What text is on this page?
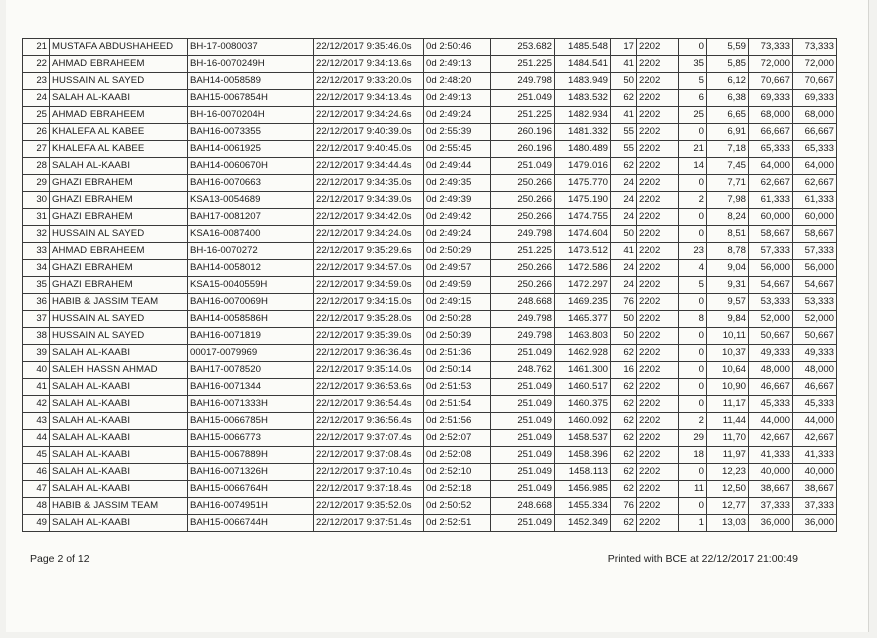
21	MUSTAFA ABDUSHAHEED	BH-17-0080037	22/12/2017 9:35:46.0s	0d 2:50:46	253.682	1485.548	17	2202	0	5,59	73,333	73,333
22	AHMAD EBRAHEEM	BH-16-0070249H	22/12/2017 9:34:13.6s	0d 2:49:13	251.225	1484.541	41	2202	35	5,85	72,000	72,000
23	HUSSAIN AL SAYED	BAH14-0058589	22/12/2017 9:33:20.0s	0d 2:48:20	249.798	1483.949	50	2202	5	6,12	70,667	70,667
24	SALAH AL-KAABI	BAH15-0067854H	22/12/2017 9:34:13.4s	0d 2:49:13	251.049	1483.532	62	2202	6	6,38	69,333	69,333
25	AHMAD EBRAHEEM	BH-16-0070204H	22/12/2017 9:34:24.6s	0d 2:49:24	251.225	1482.934	41	2202	25	6,65	68,000	68,000
26	KHALEFA AL KABEE	BAH16-0073355	22/12/2017 9:40:39.0s	0d 2:55:39	260.196	1481.332	55	2202	0	6,91	66,667	66,667
27	KHALEFA AL KABEE	BAH14-0061925	22/12/2017 9:40:45.0s	0d 2:55:45	260.196	1480.489	55	2202	21	7,18	65,333	65,333
28	SALAH AL-KAABI	BAH14-0060670H	22/12/2017 9:34:44.4s	0d 2:49:44	251.049	1479.016	62	2202	14	7,45	64,000	64,000
29	GHAZI EBRAHEM	BAH16-0070663	22/12/2017 9:34:35.0s	0d 2:49:35	250.266	1475.770	24	2202	0	7,71	62,667	62,667
30	GHAZI EBRAHEM	KSA13-0054689	22/12/2017 9:34:39.0s	0d 2:49:39	250.266	1475.190	24	2202	2	7,98	61,333	61,333
31	GHAZI EBRAHEM	BAH17-0081207	22/12/2017 9:34:42.0s	0d 2:49:42	250.266	1474.755	24	2202	0	8,24	60,000	60,000
32	HUSSAIN AL SAYED	KSA16-0087400	22/12/2017 9:34:24.0s	0d 2:49:24	249.798	1474.604	50	2202	0	8,51	58,667	58,667
33	AHMAD EBRAHEEM	BH-16-0070272	22/12/2017 9:35:29.6s	0d 2:50:29	251.225	1473.512	41	2202	23	8,78	57,333	57,333
34	GHAZI EBRAHEM	BAH14-0058012	22/12/2017 9:34:57.0s	0d 2:49:57	250.266	1472.586	24	2202	4	9,04	56,000	56,000
35	GHAZI EBRAHEM	KSA15-0040559H	22/12/2017 9:34:59.0s	0d 2:49:59	250.266	1472.297	24	2202	5	9,31	54,667	54,667
36	HABIB & JASSIM TEAM	BAH16-0070069H	22/12/2017 9:34:15.0s	0d 2:49:15	248.668	1469.235	76	2202	0	9,57	53,333	53,333
37	HUSSAIN AL SAYED	BAH14-0058586H	22/12/2017 9:35:28.0s	0d 2:50:28	249.798	1465.377	50	2202	8	9,84	52,000	52,000
38	HUSSAIN AL SAYED	BAH16-0071819	22/12/2017 9:35:39.0s	0d 2:50:39	249.798	1463.803	50	2202	0	10,11	50,667	50,667
39	SALAH AL-KAABI	00017-0079969	22/12/2017 9:36:36.4s	0d 2:51:36	251.049	1462.928	62	2202	0	10,37	49,333	49,333
40	SALEH HASSN AHMAD	BAH17-0078520	22/12/2017 9:35:14.0s	0d 2:50:14	248.762	1461.300	16	2202	0	10,64	48,000	48,000
41	SALAH AL-KAABI	BAH16-0071344	22/12/2017 9:36:53.6s	0d 2:51:53	251.049	1460.517	62	2202	0	10,90	46,667	46,667
42	SALAH AL-KAABI	BAH16-0071333H	22/12/2017 9:36:54.4s	0d 2:51:54	251.049	1460.375	62	2202	0	11,17	45,333	45,333
43	SALAH AL-KAABI	BAH15-0066785H	22/12/2017 9:36:56.4s	0d 2:51:56	251.049	1460.092	62	2202	2	11,44	44,000	44,000
44	SALAH AL-KAABI	BAH15-0066773	22/12/2017 9:37:07.4s	0d 2:52:07	251.049	1458.537	62	2202	29	11,70	42,667	42,667
45	SALAH AL-KAABI	BAH15-0067889H	22/12/2017 9:37:08.4s	0d 2:52:08	251.049	1458.396	62	2202	18	11,97	41,333	41,333
46	SALAH AL-KAABI	BAH16-0071326H	22/12/2017 9:37:10.4s	0d 2:52:10	251.049	1458.113	62	2202	0	12,23	40,000	40,000
47	SALAH AL-KAABI	BAH15-0066764H	22/12/2017 9:37:18.4s	0d 2:52:18	251.049	1456.985	62	2202	11	12,50	38,667	38,667
48	HABIB & JASSIM TEAM	BAH16-0074951H	22/12/2017 9:35:52.0s	0d 2:50:52	248.668	1455.334	76	2202	0	12,77	37,333	37,333
49	SALAH AL-KAABI	BAH15-0066744H	22/12/2017 9:37:51.4s	0d 2:52:51	251.049	1452.349	62	2202	1	13,03	36,000	36,000
Page 2 of 12	Printed with BCE at 22/12/2017 21:00:49
